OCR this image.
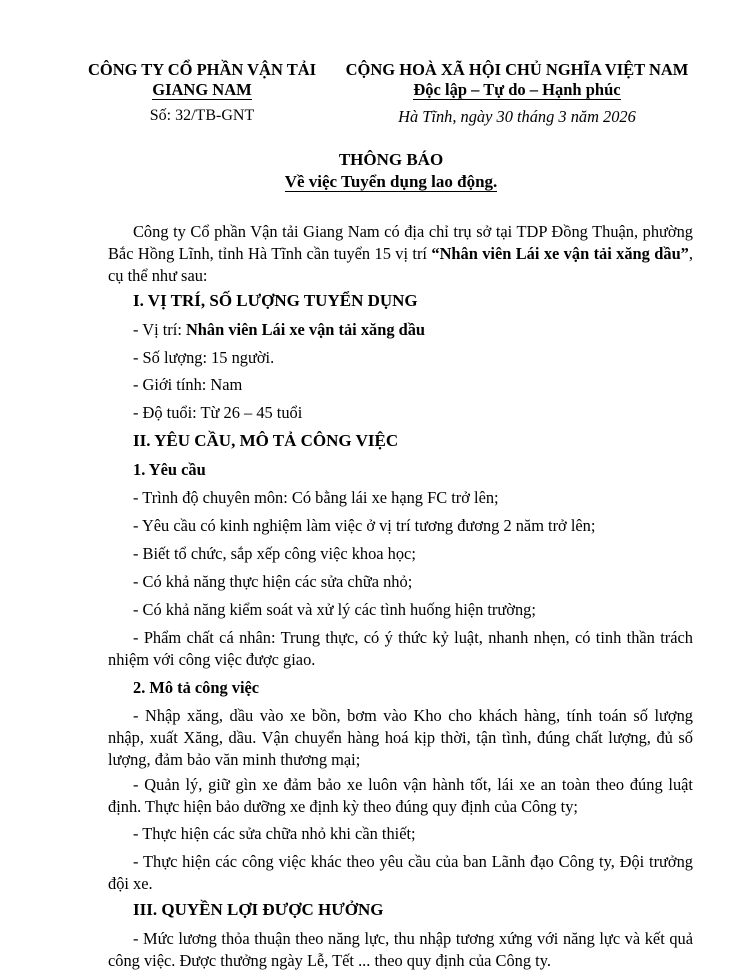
CÔNG TY CỔ PHẦN VẬN TẢI
GIANG NAM
Số: 32/TB-GNT
CỘNG HOÀ XÃ HỘI CHỦ NGHĨA VIỆT NAM
Độc lập – Tự do – Hạnh phúc
Hà Tĩnh, ngày 30 tháng 3 năm 2026
THÔNG BÁO
Về việc Tuyển dụng lao động.
Công ty Cổ phần Vận tải Giang Nam có địa chỉ trụ sở tại TDP Đồng Thuận, phường Bắc Hồng Lĩnh, tỉnh Hà Tĩnh cần tuyển 15 vị trí “Nhân viên Lái xe vận tải xăng dầu”, cụ thể như sau:
I. VỊ TRÍ, SỐ LƯỢNG TUYỂN DỤNG
- Vị trí: Nhân viên Lái xe vận tải xăng dầu
- Số lượng: 15 người.
- Giới tính: Nam
- Độ tuổi: Từ 26 – 45 tuổi
II. YÊU CẦU, MÔ TẢ CÔNG VIỆC
1. Yêu cầu
- Trình độ chuyên môn: Có bằng lái xe hạng FC trở lên;
- Yêu cầu có kinh nghiệm làm việc ở vị trí tương đương 2 năm trở lên;
- Biết tổ chức, sắp xếp công việc khoa học;
- Có khả năng thực hiện các sửa chữa nhỏ;
- Có khả năng kiểm soát và xử lý các tình huống hiện trường;
- Phẩm chất cá nhân: Trung thực, có ý thức kỷ luật, nhanh nhẹn, có tinh thần trách nhiệm với công việc được giao.
2. Mô tả công việc
- Nhập xăng, dầu vào xe bồn, bơm vào Kho cho khách hàng, tính toán số lượng nhập, xuất Xăng, dầu. Vận chuyển hàng hoá kịp thời, tận tình, đúng chất lượng, đủ số lượng, đảm bảo văn minh thương mại;
- Quản lý, giữ gìn xe đảm bảo xe luôn vận hành tốt, lái xe an toàn theo đúng luật định. Thực hiện bảo dưỡng xe định kỳ theo đúng quy định của Công ty;
- Thực hiện các sửa chữa nhỏ khi cần thiết;
- Thực hiện các công việc khác theo yêu cầu của ban Lãnh đạo Công ty, Đội trưởng đội xe.
III. QUYỀN LỢI ĐƯỢC HƯỞNG
- Mức lương thỏa thuận theo năng lực, thu nhập tương xứng với năng lực và kết quả công việc. Được thưởng ngày Lễ, Tết ... theo quy định của Công ty.
